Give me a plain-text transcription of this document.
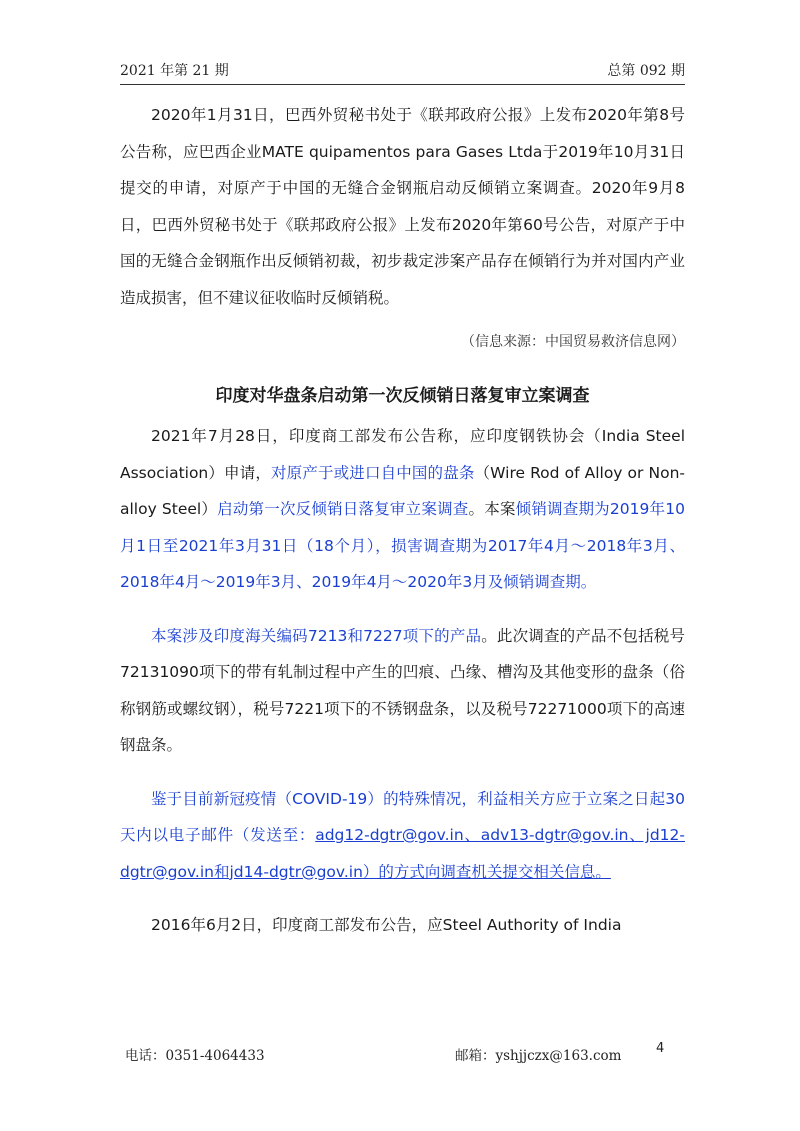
2021 年第 21 期	总第 092 期

2020年1月31日，巴西外贸秘书处于《联邦政府公报》上发布2020年第8号公告称，应巴西企业MATE quipamentos para Gases Ltda于2019年10月31日提交的申请，对原产于中国的无缝合金钢瓶启动反倾销立案调查。2020年9月8日，巴西外贸秘书处于《联邦政府公报》上发布2020年第60号公告，对原产于中国的无缝合金钢瓶作出反倾销初裁，初步裁定涉案产品存在倾销行为并对国内产业造成损害，但不建议征收临时反倾销税。

（信息来源：中国贸易救济信息网）

印度对华盘条启动第一次反倾销日落复审立案调查

2021年7月28日，印度商工部发布公告称，应印度钢铁协会（India Steel Association）申请，对原产于或进口自中国的盘条（Wire Rod of Alloy or Non-alloy Steel）启动第一次反倾销日落复审立案调查。本案倾销调查期为2019年10月1日至2021年3月31日（18个月），损害调查期为2017年4月～2018年3月、2018年4月～2019年3月、2019年4月～2020年3月及倾销调查期。

本案涉及印度海关编码7213和7227项下的产品。此次调查的产品不包括税号72131090项下的带有轧制过程中产生的凹痕、凸缘、槽沟及其他变形的盘条（俗称钢筋或螺纹钢），税号7221项下的不锈钢盘条，以及税号72271000项下的高速钢盘条。

鉴于目前新冠疫情（COVID-19）的特殊情况，利益相关方应于立案之日起30天内以电子邮件（发送至：adg12-dgtr@gov.in、adv13-dgtr@gov.in、jd12-dgtr@gov.in和jd14-dgtr@gov.in）的方式向调查机关提交相关信息。

2016年6月2日，印度商工部发布公告，应Steel Authority of India

电话：0351-4064433	邮箱：yshjjczx@163.com	4
